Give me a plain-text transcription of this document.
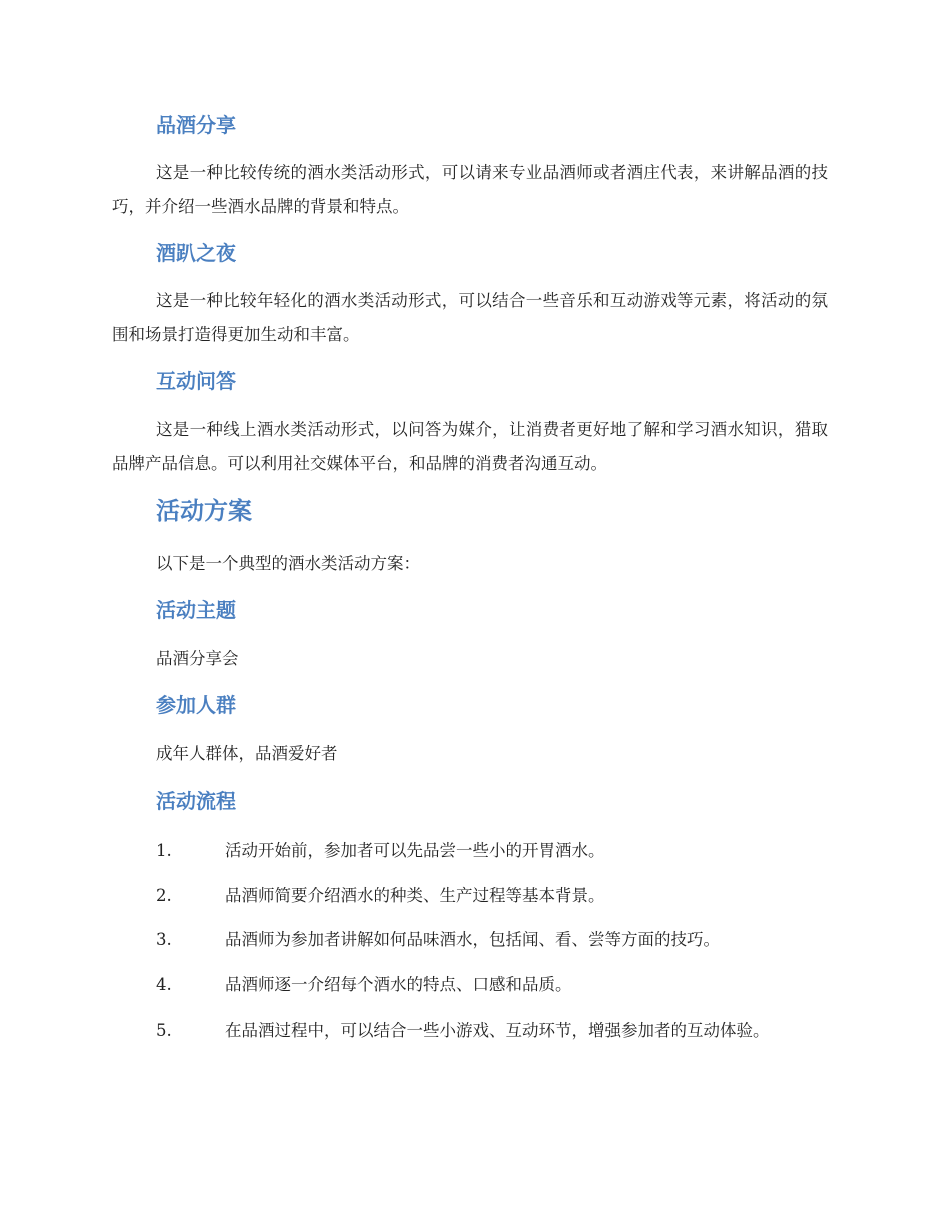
品酒分享
这是一种比较传统的酒水类活动形式，可以请来专业品酒师或者酒庄代表，来讲解品酒的技巧，并介绍一些酒水品牌的背景和特点。
酒趴之夜
这是一种比较年轻化的酒水类活动形式，可以结合一些音乐和互动游戏等元素，将活动的氛围和场景打造得更加生动和丰富。
互动问答
这是一种线上酒水类活动形式，以问答为媒介，让消费者更好地了解和学习酒水知识，猎取品牌产品信息。可以利用社交媒体平台，和品牌的消费者沟通互动。
活动方案
以下是一个典型的酒水类活动方案：
活动主题
品酒分享会
参加人群
成年人群体，品酒爱好者
活动流程
1.	活动开始前，参加者可以先品尝一些小的开胃酒水。
2.	品酒师简要介绍酒水的种类、生产过程等基本背景。
3.	品酒师为参加者讲解如何品味酒水，包括闻、看、尝等方面的技巧。
4.	品酒师逐一介绍每个酒水的特点、口感和品质。
5.	在品酒过程中，可以结合一些小游戏、互动环节，增强参加者的互动体验。
